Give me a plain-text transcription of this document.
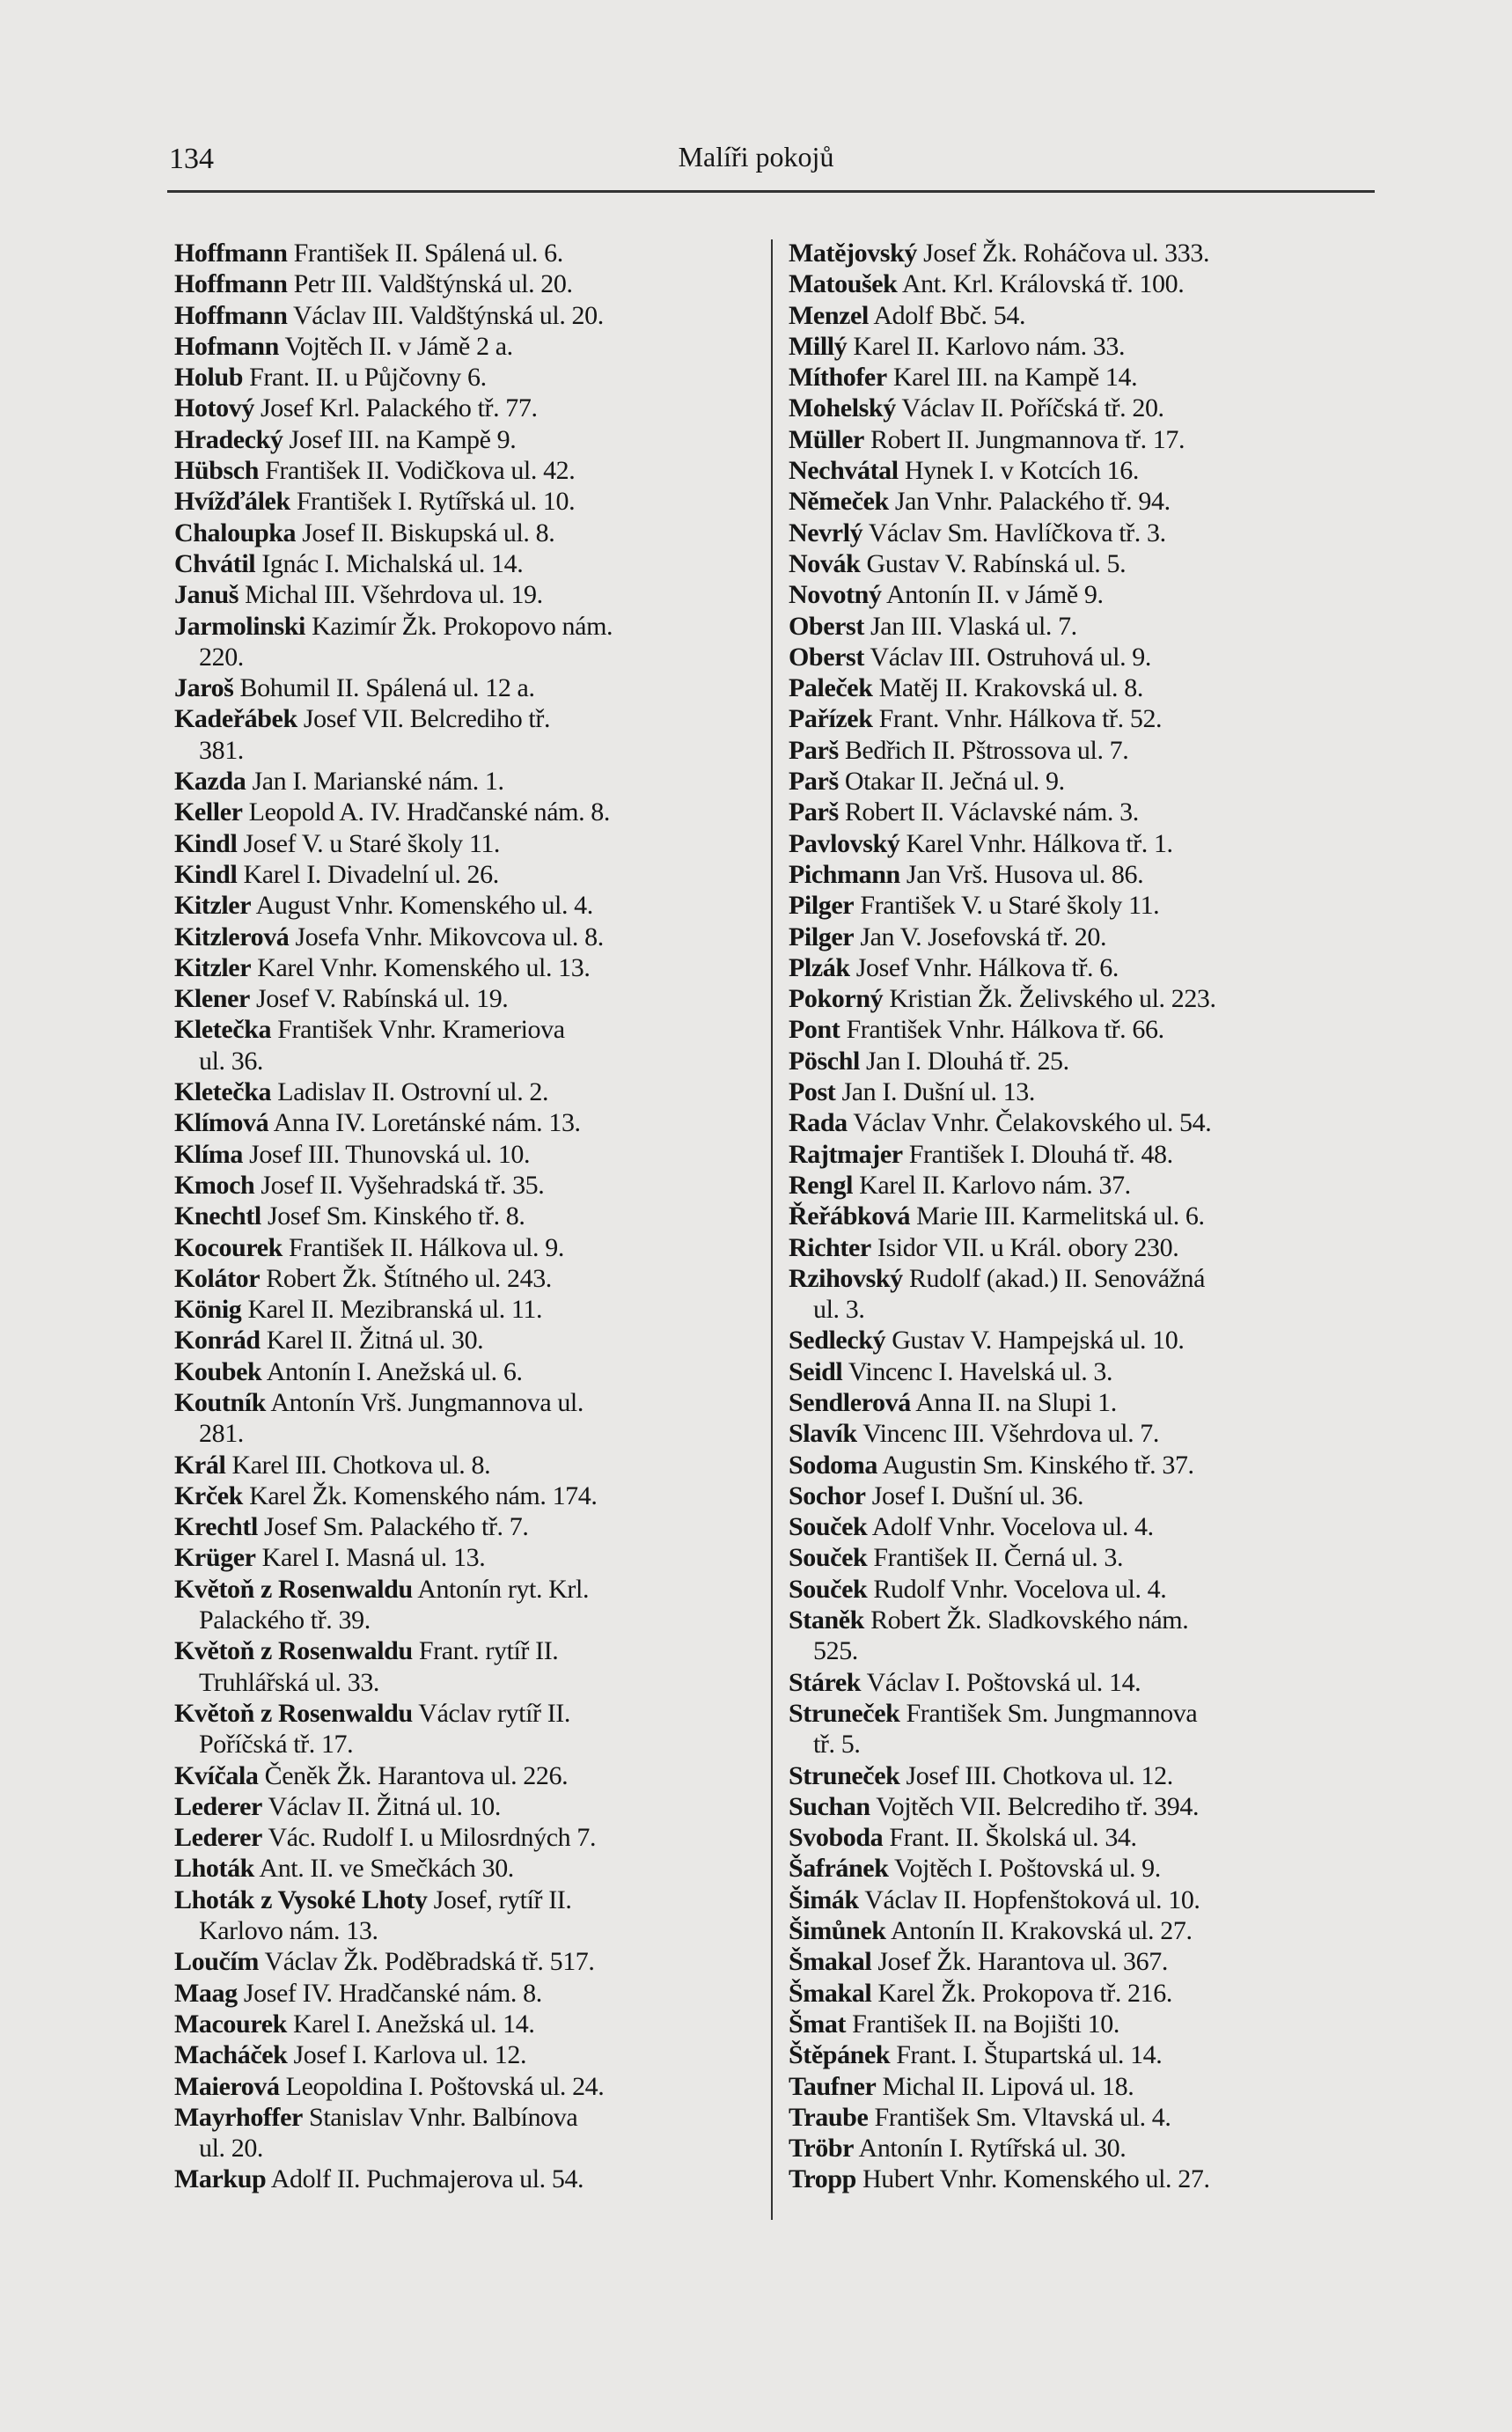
134	Malíři pokojů
Hoffmann František II. Spálená ul. 6.
Hoffmann Petr III. Valdštýnská ul. 20.
Hoffmann Václav III. Valdštýnská ul. 20.
Hofmann Vojtěch II. v Jámě 2 a.
Holub Frant. II. u Půjčovny 6.
Hotový Josef Krl. Palackého tř. 77.
Hradecký Josef III. na Kampě 9.
Hübsch František II. Vodičkova ul. 42.
Hvížďálek František I. Rytířská ul. 10.
Chaloupka Josef II. Biskupská ul. 8.
Chvátil Ignác I. Michalská ul. 14.
Januš Michal III. Všehrdova ul. 19.
Jarmolinski Kazimír Žk. Prokopovo nám.
220.
Jaroš Bohumil II. Spálená ul. 12 a.
Kadeřábek Josef VII. Belcrediho tř.
381.
Kazda Jan I. Marianské nám. 1.
Keller Leopold A. IV. Hradčanské nám. 8.
Kindl Josef V. u Staré školy 11.
Kindl Karel I. Divadelní ul. 26.
Kitzler August Vnhr. Komenského ul. 4.
Kitzlerová Josefa Vnhr. Mikovcova ul. 8.
Kitzler Karel Vnhr. Komenského ul. 13.
Klener Josef V. Rabínská ul. 19.
Kletečka František Vnhr. Krameriova
ul. 36.
Kletečka Ladislav II. Ostrovní ul. 2.
Klímová Anna IV. Loretánské nám. 13.
Klíma Josef III. Thunovská ul. 10.
Kmoch Josef II. Vyšehradská tř. 35.
Knechtl Josef Sm. Kinského tř. 8.
Kocourek František II. Hálkova ul. 9.
Kolátor Robert Žk. Štítného ul. 243.
König Karel II. Mezibranská ul. 11.
Konrád Karel II. Žitná ul. 30.
Koubek Antonín I. Anežská ul. 6.
Koutník Antonín Vrš. Jungmannova ul.
281.
Král Karel III. Chotkova ul. 8.
Krček Karel Žk. Komenského nám. 174.
Krechtl Josef Sm. Palackého tř. 7.
Krüger Karel I. Masná ul. 13.
Květoň z Rosenwaldu Antonín ryt. Krl.
Palackého tř. 39.
Květoň z Rosenwaldu Frant. rytíř II.
Truhlářská ul. 33.
Květoň z Rosenwaldu Václav rytíř II.
Poříčská tř. 17.
Kvíčala Čeněk Žk. Harantova ul. 226.
Lederer Václav II. Žitná ul. 10.
Lederer Vác. Rudolf I. u Milosrdných 7.
Lhoták Ant. II. ve Smečkách 30.
Lhoták z Vysoké Lhoty Josef, rytíř II.
Karlovo nám. 13.
Loučím Václav Žk. Poděbradská tř. 517.
Maag Josef IV. Hradčanské nám. 8.
Macourek Karel I. Anežská ul. 14.
Macháček Josef I. Karlova ul. 12.
Maierová Leopoldina I. Poštovská ul. 24.
Mayrhoffer Stanislav Vnhr. Balbínova
ul. 20.
Markup Adolf II. Puchmajerova ul. 54.
Matějovský Josef Žk. Roháčova ul. 333.
Matoušek Ant. Krl. Královská tř. 100.
Menzel Adolf Bbč. 54.
Millý Karel II. Karlovo nám. 33.
Míthofer Karel III. na Kampě 14.
Mohelský Václav II. Poříčská tř. 20.
Müller Robert II. Jungmannova tř. 17.
Nechvátal Hynek I. v Kotcích 16.
Němeček Jan Vnhr. Palackého tř. 94.
Nevrlý Václav Sm. Havlíčkova tř. 3.
Novák Gustav V. Rabínská ul. 5.
Novotný Antonín II. v Jámě 9.
Oberst Jan III. Vlaská ul. 7.
Oberst Václav III. Ostruhová ul. 9.
Paleček Matěj II. Krakovská ul. 8.
Pařízek Frant. Vnhr. Hálkova tř. 52.
Parš Bedřich II. Pštrossova ul. 7.
Parš Otakar II. Ječná ul. 9.
Parš Robert II. Václavské nám. 3.
Pavlovský Karel Vnhr. Hálkova tř. 1.
Pichmann Jan Vrš. Husova ul. 86.
Pilger František V. u Staré školy 11.
Pilger Jan V. Josefovská tř. 20.
Plzák Josef Vnhr. Hálkova tř. 6.
Pokorný Kristian Žk. Želivského ul. 223.
Pont František Vnhr. Hálkova tř. 66.
Pöschl Jan I. Dlouhá tř. 25.
Post Jan I. Dušní ul. 13.
Rada Václav Vnhr. Čelakovského ul. 54.
Rajtmajer František I. Dlouhá tř. 48.
Rengl Karel II. Karlovo nám. 37.
Řeřábková Marie III. Karmelitská ul. 6.
Richter Isidor VII. u Král. obory 230.
Rzihovský Rudolf (akad.) II. Senovážná
ul. 3.
Sedlecký Gustav V. Hampejská ul. 10.
Seidl Vincenc I. Havelská ul. 3.
Sendlerová Anna II. na Slupi 1.
Slavík Vincenc III. Všehrdova ul. 7.
Sodoma Augustin Sm. Kinského tř. 37.
Sochor Josef I. Dušní ul. 36.
Souček Adolf Vnhr. Vocelova ul. 4.
Souček František II. Černá ul. 3.
Souček Rudolf Vnhr. Vocelova ul. 4.
Staněk Robert Žk. Sladkovského nám.
525.
Stárek Václav I. Poštovská ul. 14.
Struneček František Sm. Jungmannova
tř. 5.
Struneček Josef III. Chotkova ul. 12.
Suchan Vojtěch VII. Belcrediho tř. 394.
Svoboda Frant. II. Školská ul. 34.
Šafránek Vojtěch I. Poštovská ul. 9.
Šimák Václav II. Hopfenštoková ul. 10.
Šimůnek Antonín II. Krakovská ul. 27.
Šmakal Josef Žk. Harantova ul. 367.
Šmakal Karel Žk. Prokopova tř. 216.
Šmat František II. na Bojišti 10.
Štěpánek Frant. I. Štupartská ul. 14.
Taufner Michal II. Lipová ul. 18.
Traube František Sm. Vltavská ul. 4.
Tröbr Antonín I. Rytířská ul. 30.
Tropp Hubert Vnhr. Komenského ul. 27.
